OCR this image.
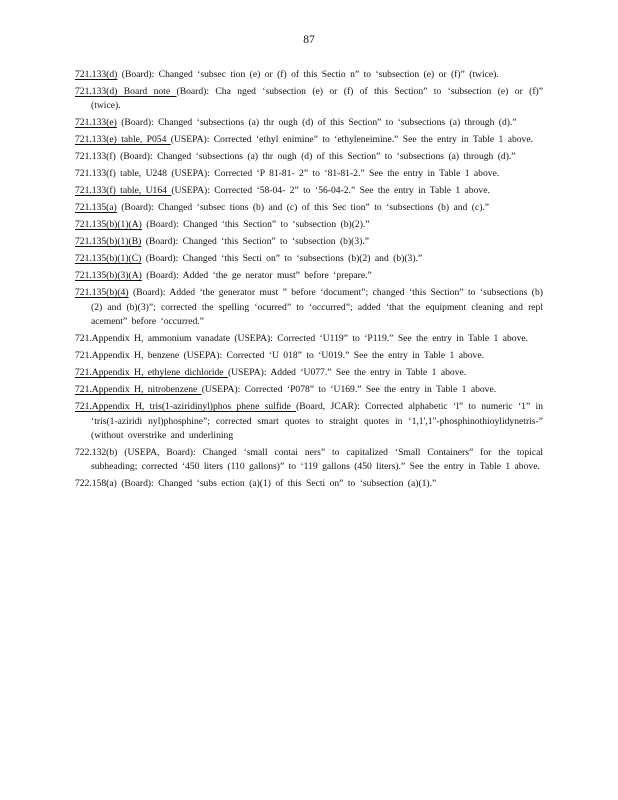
87

721.133(d) (Board): Changed ‘subsec tion (e) or (f) of this Sectio n” to ‘subsection (e) or (f)” (twice).

721.133(d) Board note (Board): Cha nged ‘subsection (e) or (f) of this Section” to ‘subsection (e) or (f)” (twice).

721.133(e) (Board): Changed ‘subsections (a) thr ough (d) of this Section” to ‘subsections (a) through (d).”

721.133(e) table, P054 (USEPA): Corrected ‘ethyl enimine” to ‘ethyleneimine.” See the entry in Table 1 above.

721.133(f) (Board): Changed ‘subsections (a) thr ough (d) of this Section” to ‘subsections (a) through (d).”

721.133(f) table, U248 (USEPA): Corrected ‘P 81-81- 2” to ‘81-81-2.” See the entry in Table 1 above.

721.133(f) table, U164 (USEPA): Corrected ‘58-04- 2” to ‘56-04-2.” See the entry in Table 1 above.

721.135(a) (Board): Changed ‘subsec tions (b) and (c) of this Sec tion” to ‘subsections (b) and (c).”

721.135(b)(1)(A) (Board): Changed ‘this Section” to ‘subsection (b)(2).”

721.135(b)(1)(B) (Board): Changed ‘this Section” to ‘subsection (b)(3).”

721.135(b)(1)(C) (Board): Changed ‘this Secti on” to ‘subsections (b)(2) and (b)(3).”

721.135(b)(3)(A) (Board): Added ‘the ge nerator must” before ‘prepare.”

721.135(b)(4) (Board): Added ‘the generator must ” before ‘document”; changed ‘this Section” to ‘subsections (b)(2) and (b)(3)”; corrected the spelling ‘ocurred” to ‘occurred”; added ‘that the equipment cleaning and repl acement” before ‘occurred.”

721.Appendix H, ammonium vanadate (USEPA): Corrected ‘U119” to ‘P119.” See the entry in Table 1 above.

721.Appendix H, benzene (USEPA): Corrected ‘U 018” to ‘U019.” See the entry in Table 1 above.

721.Appendix H, ethylene dichloride (USEPA): Added ‘U077.” See the entry in Table 1 above.

721.Appendix H, nitrobenzene (USEPA): Corrected ‘P078” to ‘U169.” See the entry in Table 1 above.

721.Appendix H, tris(1-aziridinyl)phos phene sulfide (Board, JCAR): Corrected alphabetic ‘l” to numeric ‘1” in ‘tris(1-aziridi nyl)phosphine”; corrected smart quotes to straight quotes in ‘1,1',1"-phosphinothioylidynetris-” (without overstrike and underlining

722.132(b) (USEPA, Board): Changed ‘small contai ners” to capitalized ‘Small Containers” for the topical subheading; corrected ‘450 liters (110 gallons)” to ‘119 gallons (450 liters).” See the entry in Table 1 above.

722.158(a) (Board): Changed ‘subs ection (a)(1) of this Secti on” to ‘subsection (a)(1).”
